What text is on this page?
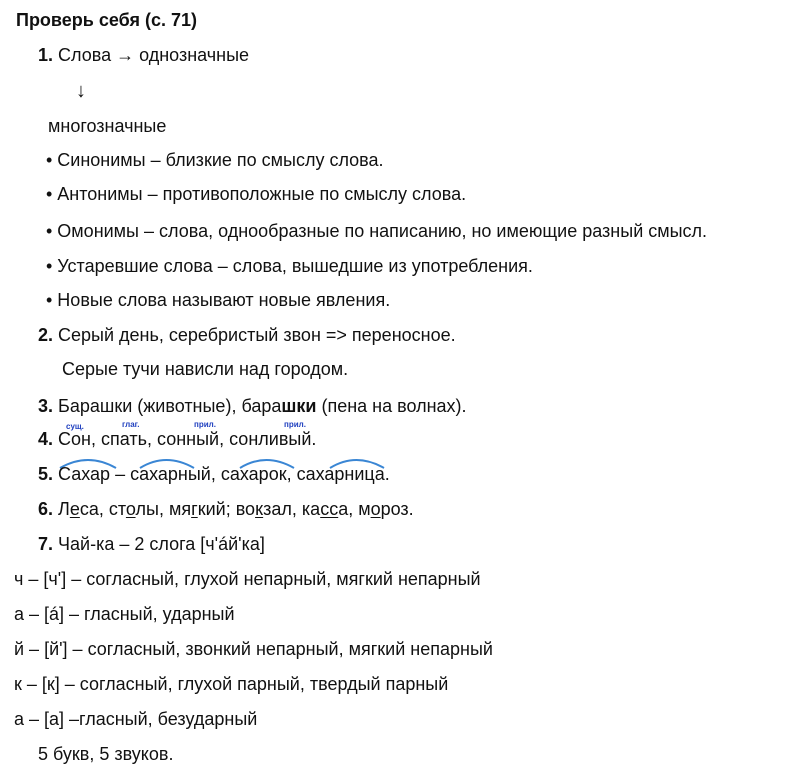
Проверь себя (с. 71)
1. Слова → однозначные
↓
многозначные
• Синонимы – близкие по смыслу слова.
• Антонимы – противоположные по смыслу слова.
• Омонимы – слова, однообразные по написанию, но имеющие разный смысл.
• Устаревшие слова – слова, вышедшие из употребления.
• Новые слова называют новые явления.
2. Серый день, серебристый звон => переносное.
Серые тучи нависли над городом.
3. Барашки (животные), барашки (пена на волнах).
сущ.	глаг.	прил.	прил.
4. Сон, спать, сонный, сонливый.
5. Сахар – сахарный, сахарок, сахарница.
6. Леса, столы, мягкий; вокзал, касса, мороз.
7. Чай-ка – 2 слога [ч'áй'ка]
ч – [ч'] – согласный, глухой непарный, мягкий непарный
а – [á] – гласный, ударный
й – [й'] – согласный, звонкий непарный, мягкий непарный
к – [к] – согласный, глухой парный, твердый парный
а – [а] –гласный, безударный
5 букв, 5 звуков.
